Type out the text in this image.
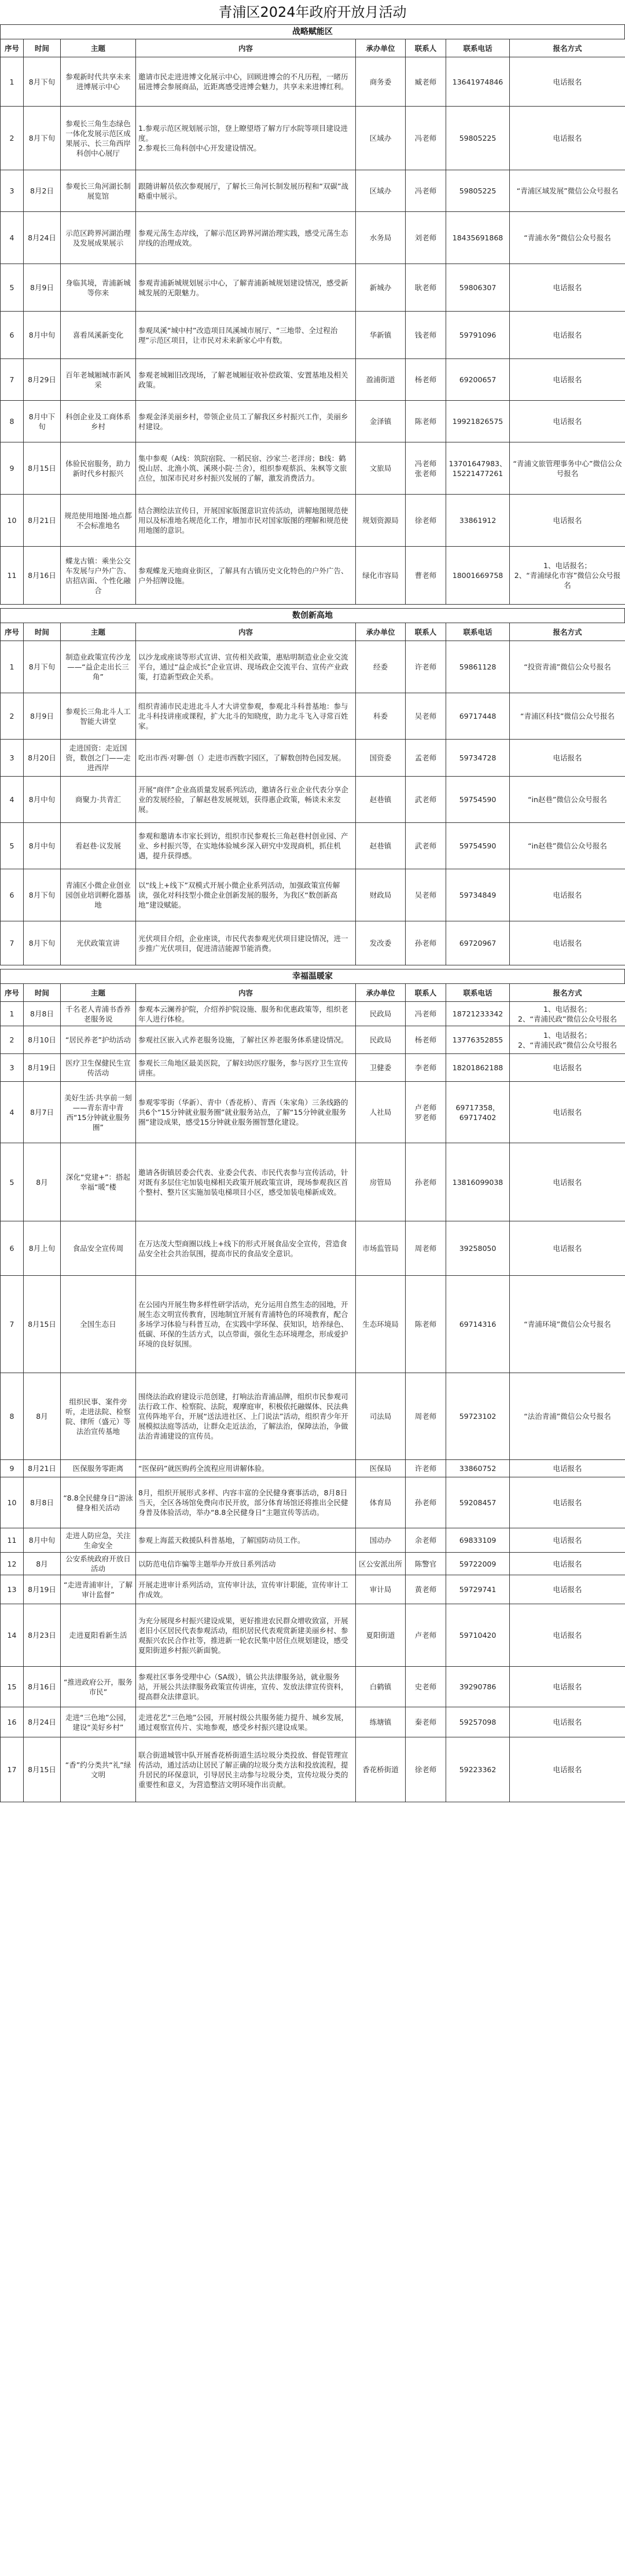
青浦区2024年政府开放月活动
战略赋能区
序号	时间	主题	内容	承办单位	联系人	联系电话	报名方式
1	8月下旬	参观新时代共享未来进博展示中心	邀请市民走进进博文化展示中心，回顾进博会的不凡历程，一睹历届进博会参展商品，近距离感受进博会魅力，共享未来进博红利。	商务委	臧老师	13641974846	电话报名
2	8月下旬	参观长三角生态绿色一体化发展示范区成果展示、长三角西岸科创中心展厅	1.参观示范区规划展示馆，登上瞭望塔了解方厅水院等项目建设进度。
2.参观长三角科创中心开发建设情况。	区域办	冯老师	59805225	电话报名
3	8月2日	参观长三角河湖长制展览馆	跟随讲解员依次参观展厅，了解长三角河长制发展历程和“双碳”战略重中展示。	区域办	冯老师	59805225	“青浦区域发展”微信公众号报名
4	8月24日	示范区跨界河湖治理及发展成果展示	参观元荡生态岸线，了解示范区跨界河湖治理实践，感受元荡生态岸线的治理成效。	水务局	刘老师	18435691868	“青浦水务”微信公众号报名
5	8月9日	身临其境，青浦新城等你来	参观青浦新城规划展示中心，了解青浦新城规划建设情况，感受新城发展的无限魅力。	新城办	耿老师	59806307	电话报名
6	8月中旬	喜看凤溪新变化	参观凤溪“城中村”改造项目凤溪城市展厅、“三地带、全过程治理”示范区项目，让市民对未来新家心中有数。	华新镇	钱老师	59791096	电话报名
7	8月29日	百年老城厢城市新风采	参观老城厢旧改现场，了解老城厢征收补偿政策、安置基地及相关政策。	盈浦街道	杨老师	69200657	电话报名
8	8月中下旬	科创企业及工商体系乡村	参观金泽美丽乡村，带领企业员工了解我区乡村振兴工作，美丽乡村建设。	金泽镇	陈老师	19921826575	电话报名
9	8月15日	体验民宿服务，助力新时代乡村振兴	集中参观（A线：筑院宿院、一稻民宿、沙家兰·老洋房；B线：鹤悦山居、北渔小筑、溪瑛小院·兰舍），组织参观蔡浜、朱枫等文旅点位，加深市民对乡村振兴发展的了解，激发消费活力。	文旅局	冯老师
张老师	13701647983、15221477261	“青浦文旅管理事务中心”微信公众号报名
10	8月21日	规范使用地图·地点都不会标准地名	结合测绘法宣传日，开展国家版图意识宣传活动，讲解地图规范使用以及标准地名规范化工作，增加市民对国家版图的理解和规范使用地图的意识。	规划资源局	徐老师	33861912	电话报名
11	8月16日	蝶龙古镇：乘坐公交车发展与户外广告、店招店面、个性化融合	参观蝶龙天地商业街区，了解具有古镇历史文化特色的户外广告、户外招牌设施。	绿化市容局	曹老师	18001669758	1、电话报名；
2、“青浦绿化市容”微信公众号报名
数创新高地
序号	时间	主题	内容	承办单位	联系人	联系电话	报名方式
1	8月下旬	制造业政策宣传沙龙——“益企走出长三角”	以沙龙或座谈等形式宣讲、宣传相关政策，惠贴明制造业企业交流平台，通过“益企成长”企业宣讲、现场政企交流平台、宣传产业政策，打造新型政企关系。	经委	许老师	59861128	“投资青浦”微信公众号报名
2	8月9日	参观长三角北斗人工智能大讲堂	组织青浦市民走进北斗人才大讲堂参观，参观北斗科普基地：参与北斗科技讲座或课程，扩大北斗的知晓度，助力北斗飞入寻常百姓家。	科委	吴老师	69717448	“青浦区科技”微信公众号报名
3	8月20日	走进国资：走近国资，数创之门——走进西岸	吃出市西·对聊·创（）走进市西数字园区，了解数创特色园发展。	国资委	孟老师	59734728	电话报名
4	8月中旬	商聚力·共青汇	开展“商伴”企业高质量发展系列活动，邀请各行业企业代表分享企业的发展经验，了解赵巷发展规划，获得惠企政策，畅谈未来发展。	赵巷镇	武老师	59754590	“in赵巷”微信公众号报名
5	8月中旬	看赵巷·议发展	参观和邀请本市家长到访，组织市民参观长三角赵巷村创业园、产业、乡村振兴等，在实地体验城乡深入研究中发现商机，抓住机遇，提升获得感。	赵巷镇	武老师	59754590	“in赵巷”微信公众号报名
6	8月下旬	青浦区小微企业创业园创业培训孵化器基地	以“线上+线下”双模式开展小微企业系列活动，加强政策宣传解读，强化对科技型小微企业创新发展的服务，为我区“数创新高地”建设赋能。	财政局	吴老师	59734849	电话报名
7	8月下旬	光伏政策宣讲	光伏项目介绍，企业座谈，市民代表参观光伏项目建设情况，进一步推广光伏项目，促进清洁能源节能消费。	发改委	孙老师	69720967	电话报名
幸福温暖家
序号	时间	主题	内容	承办单位	联系人	联系电话	报名方式
1	8月8日	千名老人青浦书香养老服务说	参观本云澜养护院，介绍养护院设施、服务和优惠政策等，组织老年人进行体检。	民政局	冯老师	18721233342	1、电话报名；
2、“青浦民政”微信公众号报名
2	8月10日	“居民养老”护幼活动	参观社区嵌入式养老服务设施，了解社区养老服务体系建设情况。	民政局	杨老师	13776352855	1、电话报名；
2、“青浦民政”微信公众号报名
3	8月19日	医疗卫生保健民生宣传活动	参观长三角地区最美医院，了解妇幼医疗服务，参与医疗卫生宣传讲座。	卫健委	李老师	18201862188	电话报名
4	8月7日	美好生活·共享前一刻——青东青中青西“15分钟就业服务圈”	参观零零街（华新）、青中（香花桥）、青西（朱家角）三条线路的共6个“15分钟就业服务圈”就业服务站点，了解“15分钟就业服务圈”建设成果，感受15分钟就业服务圈智慧化建设。	人社局	卢老师
罗老师	69717358，69717402	电话报名
5	8月	深化“党建+”：搭起幸福“暖”楼	邀请各街镇居委会代表、业委会代表、市民代表参与宣传活动，针对既有多层住宅加装电梯相关政策开展政策宣讲，现场参观我区首个整村、整片区实施加装电梯项目小区，感受加装电梯新成效。	房管局	孙老师	13816099038	电话报名
6	8月上旬	食品安全宣传周	在万达茂大型商圈以线上+线下的形式开展食品安全宣传，营造食品安全社会共治氛围，提高市民的食品安全意识。	市场监管局	周老师	39258050	电话报名
7	8月15日	全国生态日	在公园内开展生物多样性研学活动，充分运用自然生态的园地，开展生态文明宣传教育，因地制宜开展有青浦特色的环境教育，配合多场学习体验与科普互动，在实践中学环保、获知识，培养绿色、低碳、环保的生活方式，以点带面，强化生态环境理念，形成爱护环境的良好氛围。	生态环境局	陈老师	69714316	“青浦环境”微信公众号报名
8	8月	组织民事、案件旁听，走进法院、检察院、律所（盛元）等法治宣传基地	围绕法治政府建设示范创建，打响法治青浦品牌，组织市民参观司法行政工作、检察院、法院，观摩庭审，积极依托融媒体、民法典宣传阵地平台，开展“送法进社区、上门说法”活动，组织青少年开展模拟法庭等活动，让群众走近法治，了解法治，保障法治，争做法治青浦建设的宣传员。	司法局	周老师	59723102	“法治青浦”微信公众号报名
9	8月21日	医保服务零距离	“医保码”就医购药全流程应用讲解体验。	医保局	许老师	33860752	电话报名
10	8月8日	“8.8全民健身日”游泳健身相关活动	8月，组织开展形式多样、内容丰富的全民健身赛事活动，8月8日当天，全区各场馆免费向市民开放，部分体育场馆还将推出全民健身普及体验活动，举办“8.8全民健身日”主题宣传等活动。	体育局	孙老师	59208457	电话报名
11	8月中旬	走进人防应急，关注生命安全	参观上海蓝天救援队科普基地，了解国防动员工作。	国动办	余老师	69833109	电话报名
12	8月	公安系统政府开放日活动	以防范电信诈骗等主题举办开放日系列活动	区公安派出所	陈警官	59722009	电话报名
13	8月19日	“走进青浦审计，了解审计监督”	开展走进审计系列活动，宣传审计法，宣传审计职能，宣传审计工作成效。	审计局	黄老师	59729741	电话报名
14	8月23日	走进夏阳看新生活	为充分展现乡村振兴建设成果，更好推进农民群众增收致富，开展老旧小区居民代表参观活动，组织居民代表观赏新建美丽乡村、参观振兴农民合作社等，推进新一轮农民集中居住点规划建设，感受夏阳街道乡村振兴新面貌。	夏阳街道	卢老师	59710420	电话报名
15	8月16日	“推进政府公开，服务市民”	参观社区事务受理中心（SA级），镇公共法律服务站，就业服务站，开展公共法律服务政策宣传讲座，宣传、发放法律宣传资料，提高群众法律意识。	白鹤镇	史老师	39290786	电话报名
16	8月24日	走进“三色地”公园，建设“美好乡村”	走进花艺“三色地”公园，开展村级公共服务能力提升、城乡发展，通过观察宣传片、实地参观，感受乡村振兴建设成果。	练塘镇	秦老师	59257098	电话报名
17	8月15日	“香”约分类共“礼”绿文明	联合街道城管中队开展香花桥街道生活垃圾分类投放、督促管理宣传活动，通过活动让居民了解正确的垃圾分类方法和投放流程，提升居民的环保意识，引导居民主动参与垃圾分类，宣传垃圾分类的重要性和意义，为营造整洁文明环境作出贡献。	香花桥街道	徐老师	59223362	电话报名
